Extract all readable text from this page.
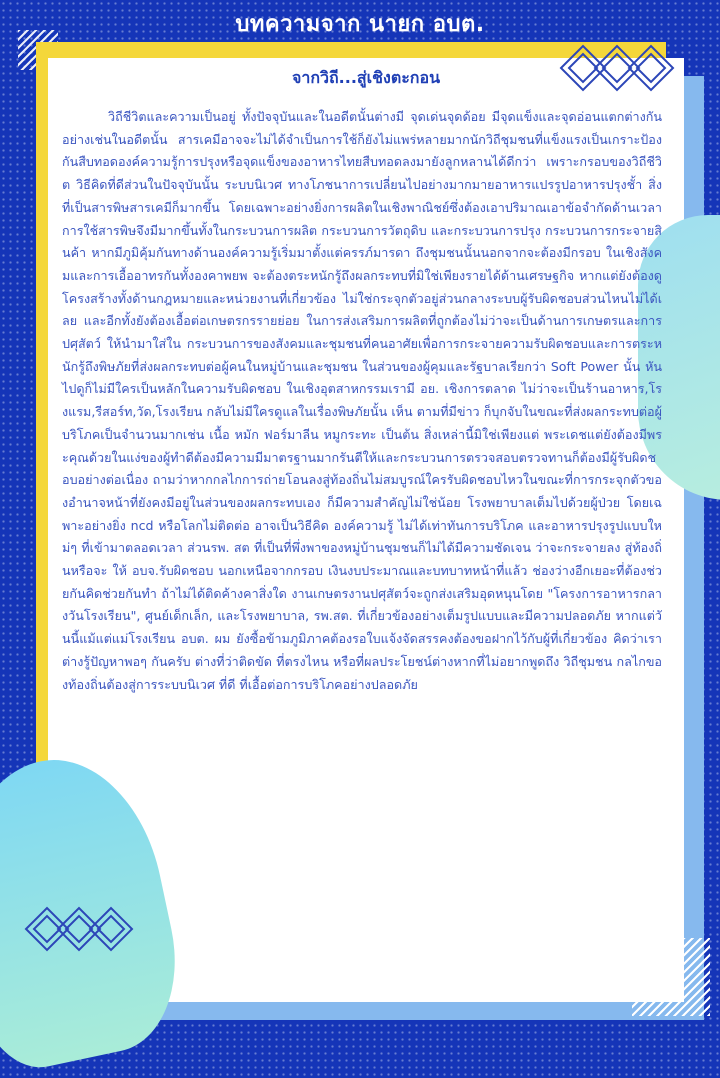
บทความจาก นายก อบต.
จากวิถี...สู่เชิงตะกอน

วิถีชีวิตและความเป็นอยู่ ทั้งปัจจุบันและในอดีตนั้นต่างมี จุดเด่นจุดด้อย มีจุดแข็งและจุดอ่อนแตกต่างกัน อย่างเช่นในอดีตนั้น สารเคมีอาจจะไม่ได้จำเป็นการใช้ก็ยังไม่แพร่หลายมากนักวิถีชุมชนที่แข็งแรงเป็นเกราะป้องกันสืบทอดองค์ความรู้การปรุงหรือจุดแข็งของอาหารไทยสืบทอดลงมายังลูกหลานได้ดีกว่า เพราะกรอบของวิถีชีวิต วิธีคิดที่ดีส่วนในปัจจุบันนั้น ระบบนิเวศ ทางโภชนาการเปลี่ยนไปอย่างมากมายอาหารแปรรูปอาหารปรุงชั้า สิ่งที่เป็นสารพิษสารเคมีก็มากขึ้น โดยเฉพาะอย่างยิ่งการผลิตในเชิงพาณิชย์ซึ่งต้องเอาปริมาณเอาข้อจำกัดด้านเวลา การใช้สารพิษจึงมีมากขึ้นทั้งในกระบวนการผลิต กระบวนการวัตถุดิบ และกระบวนการปรุง กระบวนการกระจายสินค้า หากมีภูมิคุ้มกันทางด้านองค์ความรู้เริ่มมาตั้งแต่ครรภ์มารดา ถึงชุมชนนั้นนอกจากจะต้องมีกรอบ ในเชิงสังคมและการเอื้ออาทรกันทั้งองคาพยพ จะต้องตระหนักรู้ถึงผลกระทบที่มิใช่เพียงรายได้ด้านเศรษฐกิจ หากแต่ยังต้องดูโครงสร้างทั้งด้านกฎหมายและหน่วยงานที่เกี่ยวข้อง ไม่ใช่กระจุกตัวอยู่ส่วนกลางระบบผู้รับผิดชอบส่วนไหนไม่ได้เลย และอีกทั้งยังต้องเอื้อต่อเกษตรกรรายย่อย ในการส่งเสริมการผลิตที่ถูกต้องไม่ว่าจะเป็นด้านการเกษตรและการปศุสัตว์ ให้นำมาใส่ใน กระบวนการของสังคมและชุมชนที่คนอาศัยเพื่อการกระจายความรับผิดชอบและการตระหนักรู้ถึงพิษภัยที่ส่งผลกระทบต่อผู้คนในหมู่บ้านและชุมชน ในส่วนของผู้คุมและรัฐบาลเรียกว่า Soft Power นั้น หันไปดูก็ไม่มีใครเป็นหลักในความรับผิดชอบ ในเชิงอุตสาหกรรมเรามี อย. เชิงการตลาด ไม่ว่าจะเป็นร้านอาหาร,โรงแรม,รีสอร์ท,วัด,โรงเรียน กลับไม่มีใครดูแลในเรื่องพิษภัยนั้น เห็น ตามที่มีข่าว ก็บุกจับในขณะที่ส่งผลกระทบต่อผู้บริโภคเป็นจำนวนมากเช่น เนื้อ หมัก ฟอร์มาลีน หมูกระทะ เป็นต้น สิ่งเหล่านี้มิใช่เพียงแต่ พระเดชแต่ยังต้องมีพระคุณด้วยในแง่ของผู้ทำดีต้องมีความมีมาตรฐานมากรันตีให้และกระบวนการตรวจสอบตรวจทานก็ต้องมีผู้รับผิดชอบอย่างต่อเนื่อง ถามว่าหากกลไกการถ่ายโอนลงสู่ท้องถิ่นไม่สมบูรณ์ใครรับผิดชอบไหวในขณะที่การกระจุกตัวของอำนาจหน้าที่ยังคงมีอยู่ในส่วนของผลกระทบเอง ก็มีความสำคัญไม่ใช่น้อย โรงพยาบาลเต็มไปด้วยผู้ป่วย โดยเฉพาะอย่างยิ่ง ncd หรือโลกไม่ติดต่อ อาจเป็นวิธีคิด องค์ความรู้ ไม่ได้เท่าทันการบริโภค และอาหารปรุงรูปแบบใหม่ๆ ที่เข้ามาตลอดเวลา ส่วนรพ. สต ที่เป็นที่พึ่งพาของหมู่บ้านชุมชนก็ไม่ได้มีความชัดเจน ว่าจะกระจายลง สู่ท้องถิ่นหรือจะ ให้ อบจ.รับผิดชอบ นอกเหนือจากกรอบ เงินงบประมาณและบทบาทหน้าที่แล้ว ช่องว่างอีกเยอะที่ต้องช่วยกันคิดช่วยกันทำ ถ้าไม่ได้ติดค้างคาสิ่งใด งานเกษตรงานปศุสัตว์จะถูกส่งเสริมอุดหนุนโดย "โครงการอาหารกลางวันโรงเรียน", ศูนย์เด็กเล็ก, และโรงพยาบาล, รพ.สต. ที่เกี่ยวข้องอย่างเต็มรูปแบบและมีความปลอดภัย หากแต่วันนี้แม้แต่แม่โรงเรียน อบต. ผม ยังซื้อข้ามภูมิภาคต้องรอใบแจ้งจัดสรรคงต้องขอฝากไว้กับผู้ที่เกี่ยวข้อง คิดว่าเราต่างรู้ปัญหาพอๆ กันครับ ต่างที่ว่าติดขัด ที่ตรงไหน หรือที่ผลประโยชน์ต่างหากที่ไม่อยากพูดถึง วิถีชุมชน กลไกของท้องถิ่นต้องสู่การระบบนิเวศ ที่ดี ที่เอื้อต่อการบริโภคอย่างปลอดภัย
